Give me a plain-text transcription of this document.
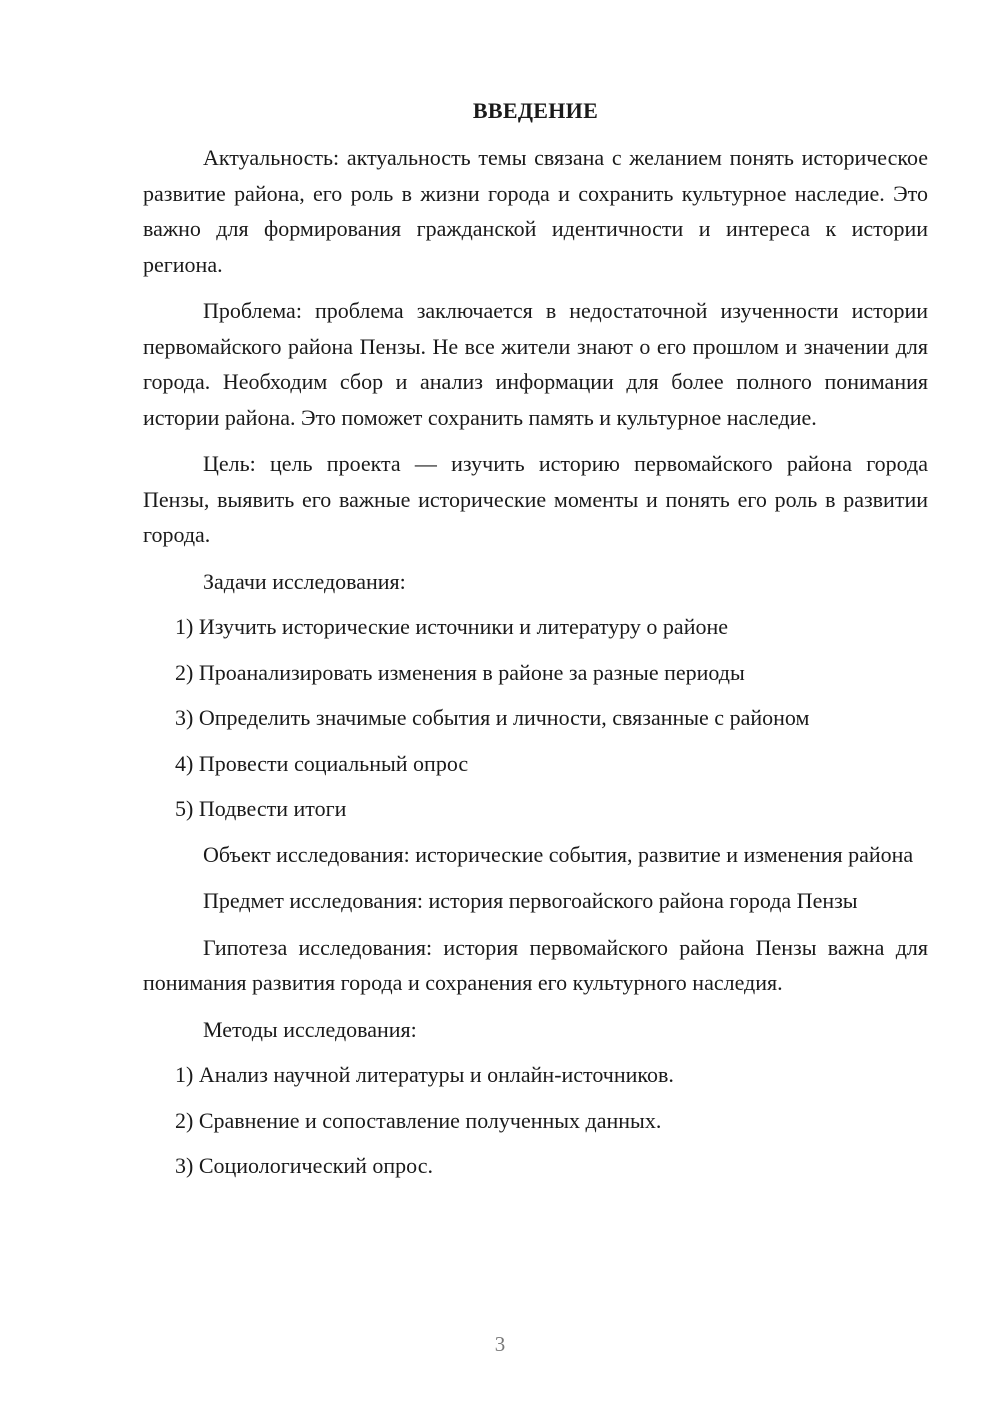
ВВЕДЕНИЕ

Актуальность: актуальность темы связана с желанием понять историческое развитие района, его роль в жизни города и сохранить культурное наследие. Это важно для формирования гражданской идентичности и интереса к истории региона.

Проблема: проблема заключается в недостаточной изученности истории первомайского района Пензы. Не все жители знают о его прошлом и значении для города. Необходим сбор и анализ информации для более полного понимания истории района. Это поможет сохранить память и культурное наследие.

Цель: цель проекта — изучить историю первомайского района города Пензы, выявить его важные исторические моменты и понять его роль в развитии города.

Задачи исследования:

1) Изучить исторические источники и литературу о районе
2) Проанализировать изменения в районе за разные периоды
3) Определить значимые события и личности, связанные с районом
4) Провести социальный опрос
5) Подвести итоги

Объект исследования: исторические события, развитие и изменения района

Предмет исследования: история первогоайского района города Пензы

Гипотеза исследования: история первомайского района Пензы важна для понимания развития города и сохранения его культурного наследия.

Методы исследования:

1) Анализ научной литературы и онлайн-источников.
2) Сравнение и сопоставление полученных данных.
3) Социологический опрос.
3
